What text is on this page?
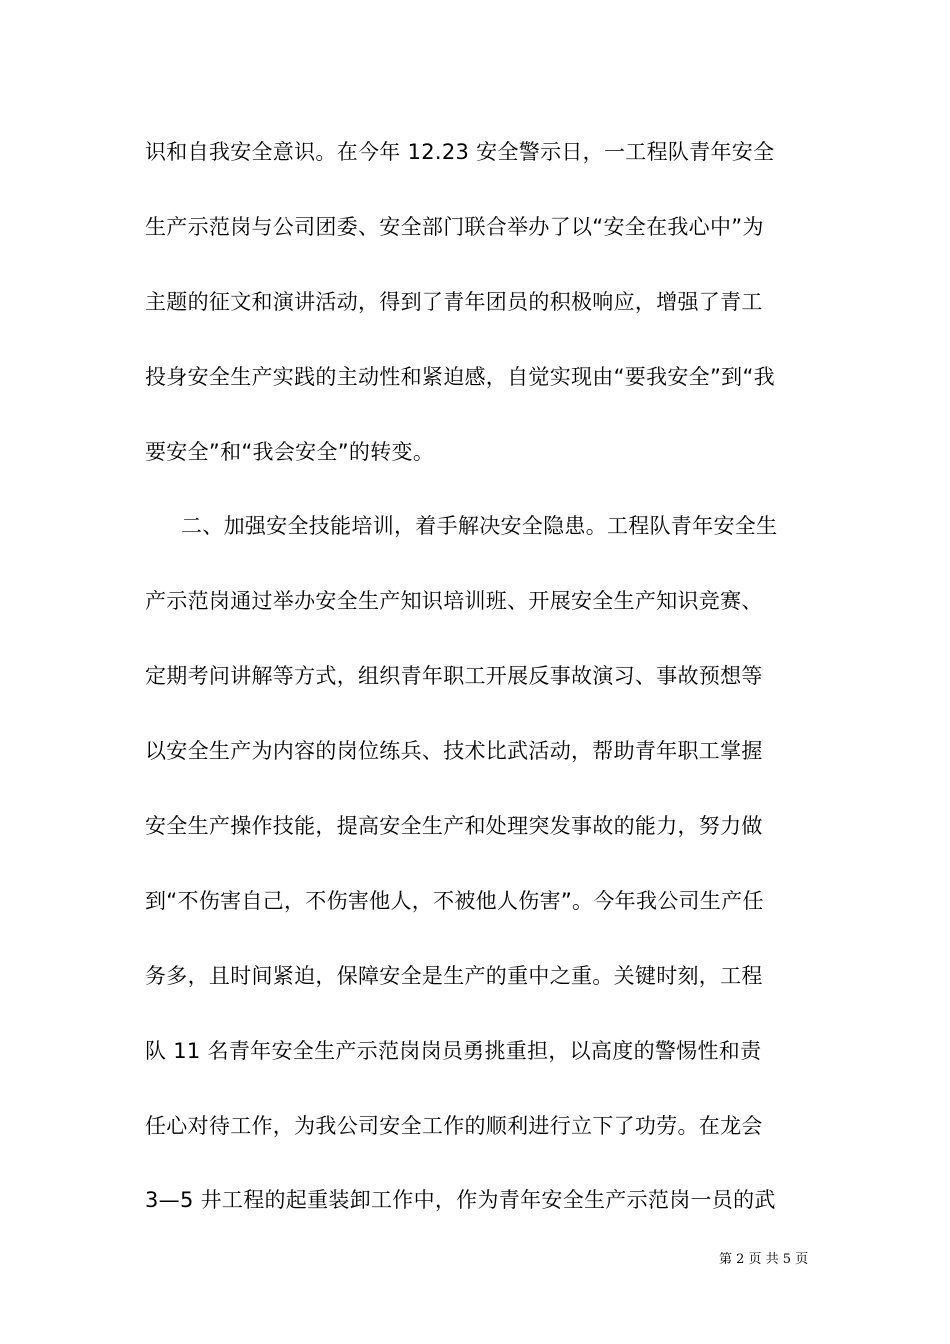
识和自我安全意识。在今年 12.23 安全警示日，一工程队青年安全
生产示范岗与公司团委、安全部门联合举办了以“安全在我心中”为
主题的征文和演讲活动，得到了青年团员的积极响应，增强了青工
投身安全生产实践的主动性和紧迫感，自觉实现由“要我安全”到“我
要安全”和“我会安全”的转变。
二、加强安全技能培训，着手解决安全隐患。工程队青年安全生
产示范岗通过举办安全生产知识培训班、开展安全生产知识竞赛、
定期考问讲解等方式，组织青年职工开展反事故演习、事故预想等
以安全生产为内容的岗位练兵、技术比武活动，帮助青年职工掌握
安全生产操作技能，提高安全生产和处理突发事故的能力，努力做
到“不伤害自己，不伤害他人，不被他人伤害”。今年我公司生产任
务多，且时间紧迫，保障安全是生产的重中之重。关键时刻，工程
队 11 名青年安全生产示范岗岗员勇挑重担，以高度的警惕性和责
任心对待工作，为我公司安全工作的顺利进行立下了功劳。在龙会
3—5 井工程的起重装卸工作中，作为青年安全生产示范岗一员的武
第 2 页 共 5 页
